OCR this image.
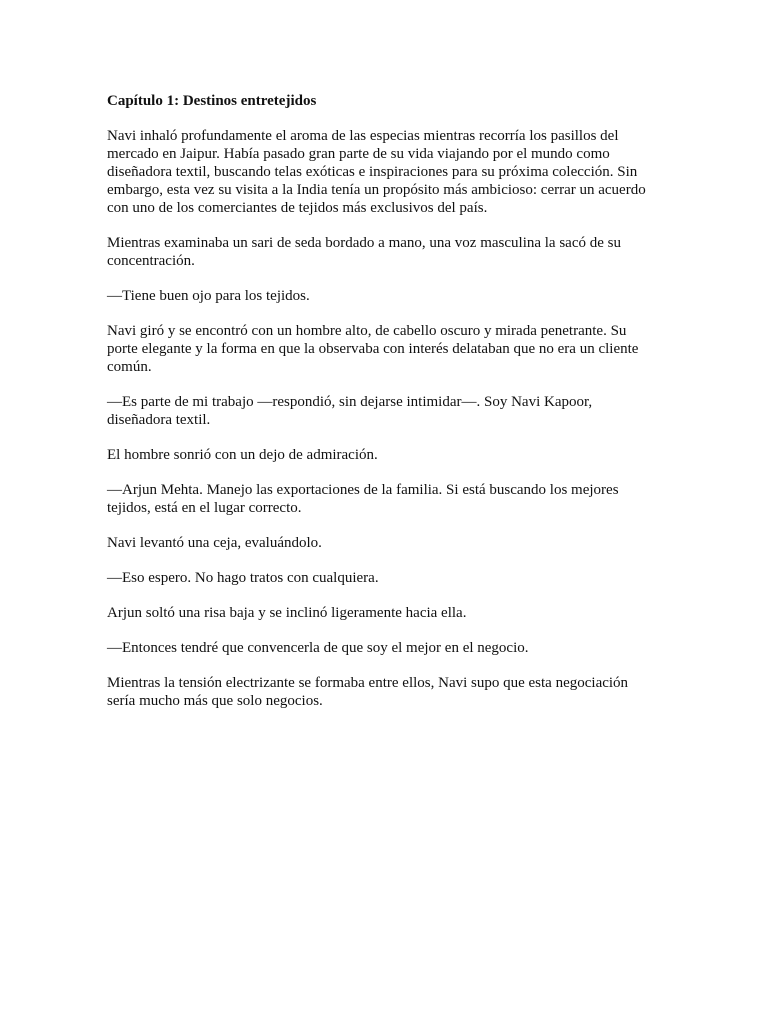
Capítulo 1: Destinos entretejidos

Navi inhaló profundamente el aroma de las especias mientras recorría los pasillos del
mercado en Jaipur. Había pasado gran parte de su vida viajando por el mundo como
diseñadora textil, buscando telas exóticas e inspiraciones para su próxima colección. Sin
embargo, esta vez su visita a la India tenía un propósito más ambicioso: cerrar un acuerdo
con uno de los comerciantes de tejidos más exclusivos del país.

Mientras examinaba un sari de seda bordado a mano, una voz masculina la sacó de su
concentración.

—Tiene buen ojo para los tejidos.

Navi giró y se encontró con un hombre alto, de cabello oscuro y mirada penetrante. Su
porte elegante y la forma en que la observaba con interés delataban que no era un cliente
común.

—Es parte de mi trabajo —respondió, sin dejarse intimidar—. Soy Navi Kapoor,
diseñadora textil.

El hombre sonrió con un dejo de admiración.

—Arjun Mehta. Manejo las exportaciones de la familia. Si está buscando los mejores
tejidos, está en el lugar correcto.

Navi levantó una ceja, evaluándolo.

—Eso espero. No hago tratos con cualquiera.

Arjun soltó una risa baja y se inclinó ligeramente hacia ella.

—Entonces tendré que convencerla de que soy el mejor en el negocio.

Mientras la tensión electrizante se formaba entre ellos, Navi supo que esta negociación
sería mucho más que solo negocios.
